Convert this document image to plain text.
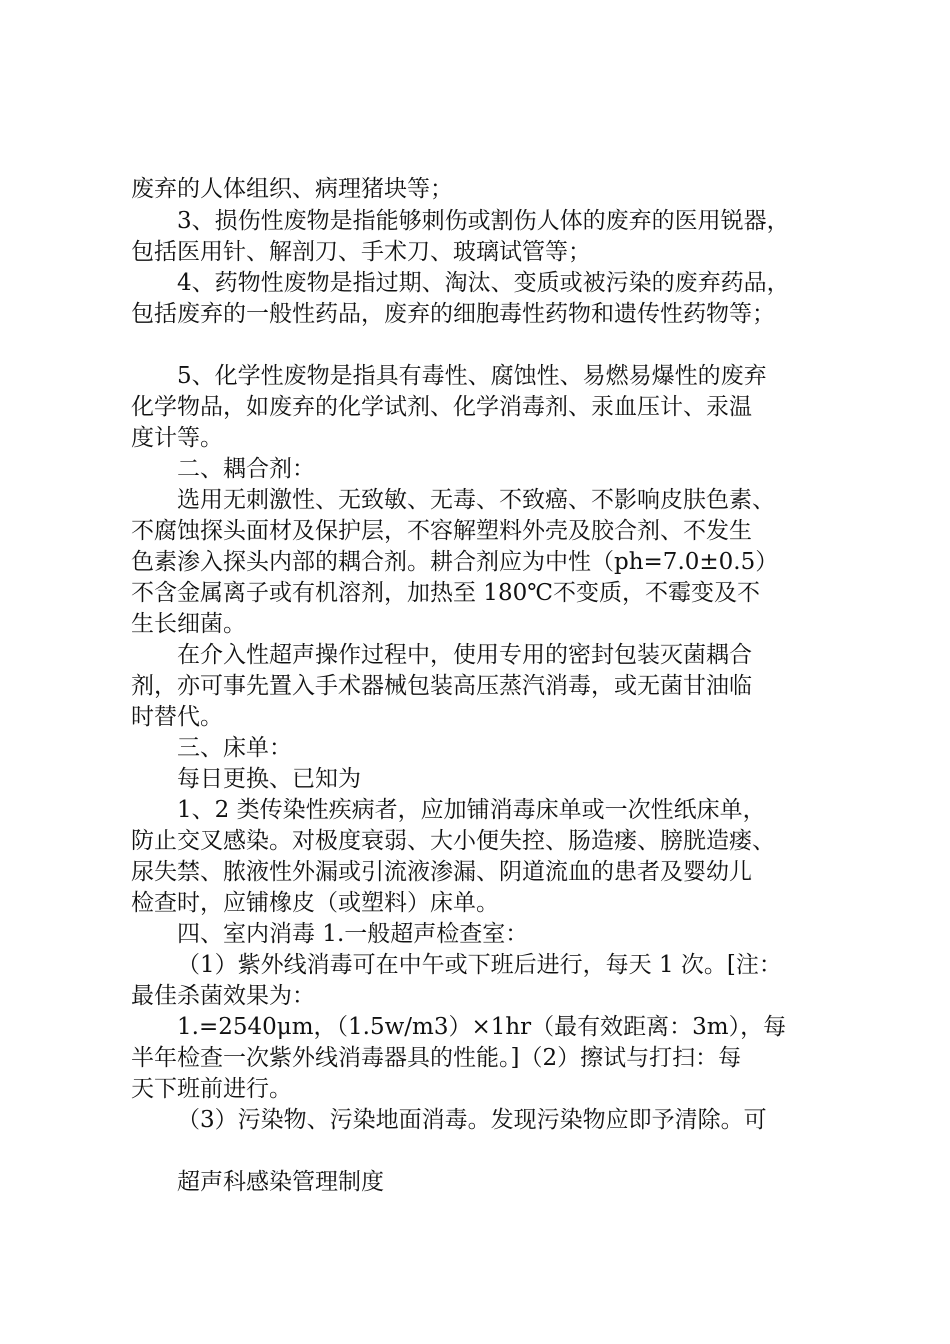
废弃的人体组织、病理猪块等；
3、损伤性废物是指能够刺伤或割伤人体的废弃的医用锐器，
包括医用针、解剖刀、手术刀、玻璃试管等；
4、药物性废物是指过期、淘汰、变质或被污染的废弃药品，
包括废弃的一般性药品，废弃的细胞毒性药物和遗传性药物等；
5、化学性废物是指具有毒性、腐蚀性、易燃易爆性的废弃
化学物品，如废弃的化学试剂、化学消毒剂、汞血压计、汞温
度计等。
二、耦合剂：
选用无刺激性、无致敏、无毒、不致癌、不影响皮肤色素、
不腐蚀探头面材及保护层，不容解塑料外壳及胶合剂、不发生
色素渗入探头内部的耦合剂。耕合剂应为中性（ph=7.0±0.5）
不含金属离子或有机溶剂，加热至 180℃不变质，不霉变及不
生长细菌。
在介入性超声操作过程中，使用专用的密封包装灭菌耦合
剂，亦可事先置入手术器械包装高压蒸汽消毒，或无菌甘油临
时替代。
三、床单：
每日更换、已知为
1、2 类传染性疾病者，应加铺消毒床单或一次性纸床单，
防止交叉感染。对极度衰弱、大小便失控、肠造瘘、膀胱造瘘、
尿失禁、脓液性外漏或引流液渗漏、阴道流血的患者及婴幼儿
检查时，应铺橡皮（或塑料）床单。
四、室内消毒 1.一般超声检查室：
（1）紫外线消毒可在中午或下班后进行，每天 1 次。[注：
最佳杀菌效果为：
1.=2540μm，（1.5w/m3）×1hr（最有效距离：3m），每
半年检查一次紫外线消毒器具的性能。]（2）擦试与打扫：每
天下班前进行。
（3）污染物、污染地面消毒。发现污染物应即予清除。可
超声科感染管理制度
